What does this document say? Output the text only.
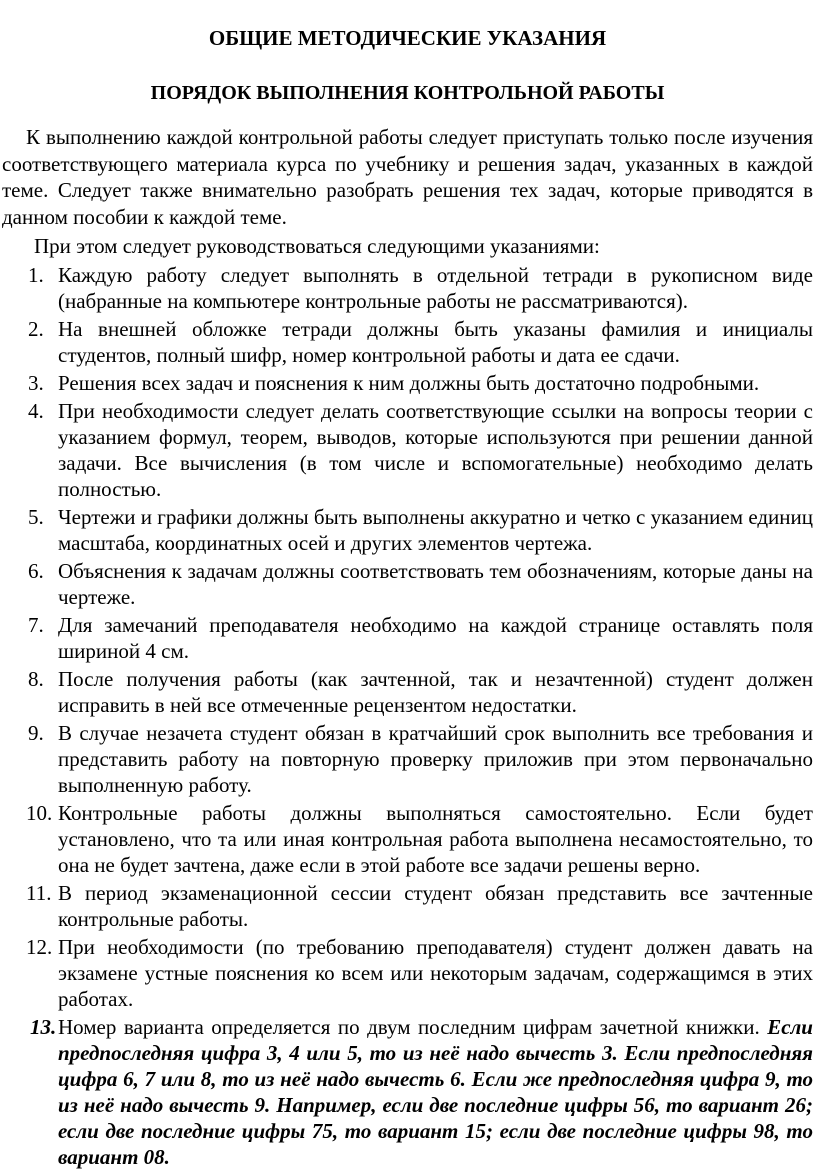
ОБЩИЕ МЕТОДИЧЕСКИЕ УКАЗАНИЯ
ПОРЯДОК ВЫПОЛНЕНИЯ КОНТРОЛЬНОЙ РАБОТЫ

К выполнению каждой контрольной работы следует приступать только после изучения соответствующего материала курса по учебнику и решения задач, указанных в каждой теме. Следует также внимательно разобрать решения тех задач, которые приводятся в данном пособии к каждой теме.

При этом следует руководствоваться следующими указаниями:

1. Каждую работу следует выполнять в отдельной тетради в рукописном виде (набранные на компьютере контрольные работы не рассматриваются).
2. На внешней обложке тетради должны быть указаны фамилия и инициалы студентов, полный шифр, номер контрольной работы и дата ее сдачи.
3. Решения всех задач и пояснения к ним должны быть достаточно подробными.
4. При необходимости следует делать соответствующие ссылки на вопросы теории с указанием формул, теорем, выводов, которые используются при решении данной задачи. Все вычисления (в том числе и вспомогательные) необходимо делать полностью.
5. Чертежи и графики должны быть выполнены аккуратно и четко с указанием единиц масштаба, координатных осей и других элементов чертежа.
6. Объяснения к задачам должны соответствовать тем обозначениям, которые даны на чертеже.
7. Для замечаний преподавателя необходимо на каждой странице оставлять поля шириной 4 см.
8. После получения работы (как зачтенной, так и незачтенной) студент должен исправить в ней все отмеченные рецензентом недостатки.
9. В случае незачета студент обязан в кратчайший срок выполнить все требования и представить работу на повторную проверку приложив при этом первоначально выполненную работу.
10. Контрольные работы должны выполняться самостоятельно. Если будет установлено, что та или иная контрольная работа выполнена несамостоятельно, то она не будет зачтена, даже если в этой работе все задачи решены верно.
11. В период экзаменационной сессии студент обязан представить все зачтенные контрольные работы.
12. При необходимости (по требованию преподавателя) студент должен давать на экзамене устные пояснения ко всем или некоторым задачам, содержащимся в этих работах.
13. Номер варианта определяется по двум последним цифрам зачетной книжки. Если предпоследняя цифра 3, 4 или 5, то из неё надо вычесть 3. Если предпоследняя цифра 6, 7 или 8, то из неё надо вычесть 6. Если же предпоследняя цифра 9, то из неё надо вычесть 9. Например, если две последние цифры 56, то вариант 26; если две последние цифры 75, то вариант 15; если две последние цифры 98, то вариант 08.
